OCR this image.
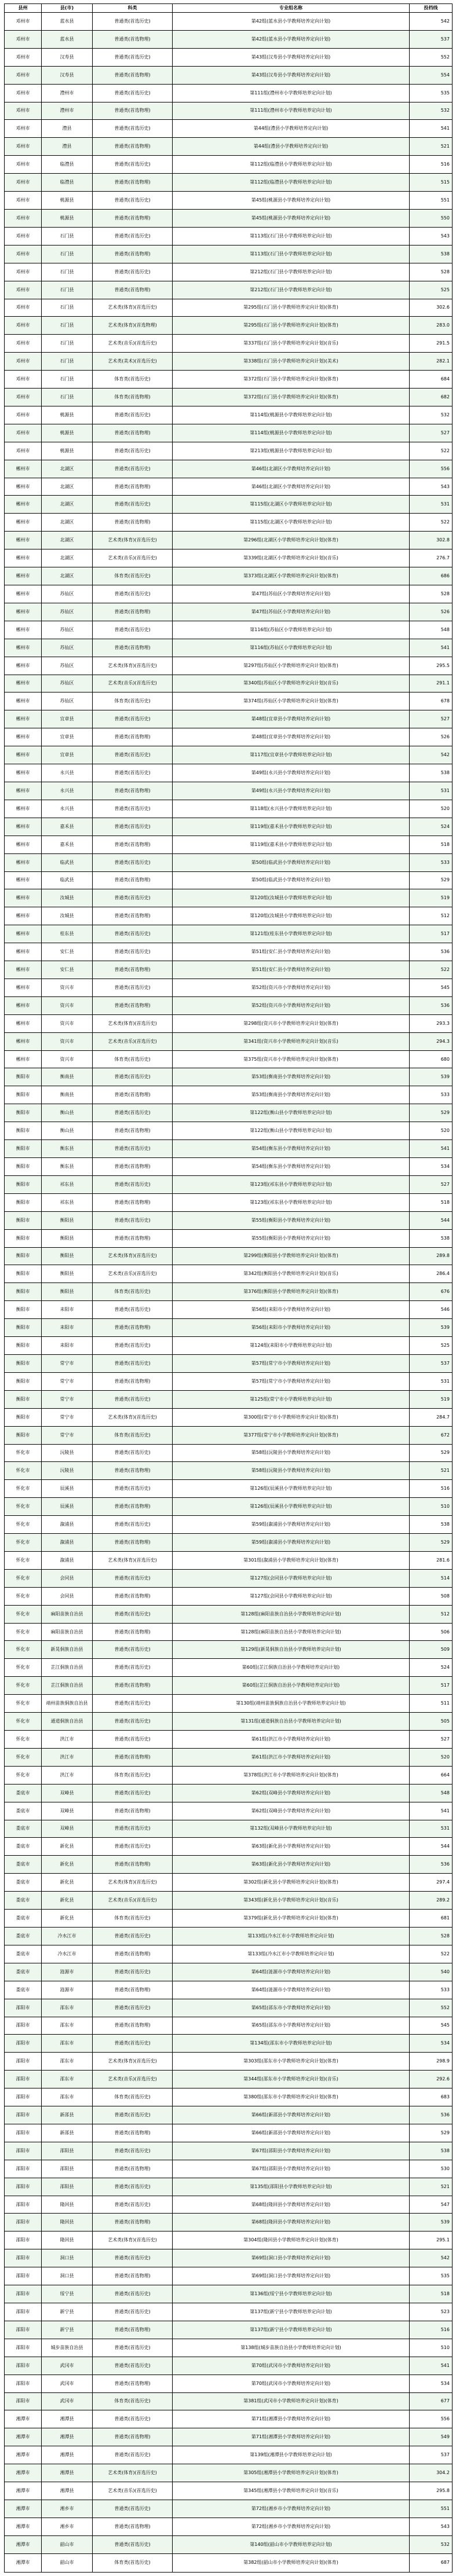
县州	县(市)	科类	专业组名称	投档线
邓州市	蓝水县	普通类(首选历史)	第42组(蓝水县小学教师培养定向计划)	542
邓州市	蓝水县	普通类(首选物理)	第42组(蓝水县小学教师培养定向计划)	537
邓州市	汉寿县	普通类(首选历史)	第43组(汉寿县小学教师培养定向计划)	552
邓州市	汉寿县	普通类(首选物理)	第43组(汉寿县小学教师培养定向计划)	554
邓州市	澧州市	普通类(首选历史)	第111组(澧州市小学教师培养定向计划)	535
邓州市	澧州市	普通类(首选物理)	第111组(澧州市小学教师培养定向计划)	532
邓州市	澧县	普通类(首选历史)	第44组(澧县小学教师培养定向计划)	541
邓州市	澧县	普通类(首选物理)	第44组(澧县小学教师培养定向计划)	521
邓州市	临澧县	普通类(首选历史)	第112组(临澧县小学教师培养定向计划)	516
邓州市	临澧县	普通类(首选物理)	第112组(临澧县小学教师培养定向计划)	515
邓州市	桃源县	普通类(首选历史)	第45组(桃源县小学教师培养定向计划)	551
邓州市	桃源县	普通类(首选物理)	第45组(桃源县小学教师培养定向计划)	550
邓州市	石门县	普通类(首选历史)	第113组(石门县小学教师培养定向计划)	543
邓州市	石门县	普通类(首选物理)	第113组(石门县小学教师培养定向计划)	538
邓州市	石门县	普通类(首选历史)	第212组(石门县小学教师培养定向计划)	528
邓州市	石门县	普通类(首选物理)	第212组(石门县小学教师培养定向计划)	525
邓州市	石门县	艺术类(体育)(首选历史)	第295组(石门县小学教师培养定向计划)(体育)	302.6
邓州市	石门县	艺术类(体育)(首选物理)	第295组(石门县小学教师培养定向计划)(体育)	283.0
邓州市	石门县	艺术类(音乐)(首选历史)	第337组(石门县小学教师培养定向计划)(音乐)	291.5
邓州市	石门县	艺术类(美术)(首选历史)	第338组(石门县小学教师培养定向计划)(美术)	282.1
邓州市	石门县	体育类(首选历史)	第372组(石门县小学教师培养定向计划)(体育)	684
邓州市	石门县	体育类(首选物理)	第372组(石门县小学教师培养定向计划)(体育)	682
邓州市	桃源县	普通类(首选历史)	第114组(桃源县小学教师培养定向计划)	532
邓州市	桃源县	普通类(首选物理)	第114组(桃源县小学教师培养定向计划)	527
邓州市	桃源县	普通类(首选历史)	第213组(桃源县小学教师培养定向计划)	522
郴州市	北湖区	普通类(首选历史)	第46组(北湖区小学教师培养定向计划)	556
郴州市	北湖区	普通类(首选物理)	第46组(北湖区小学教师培养定向计划)	543
郴州市	北湖区	普通类(首选历史)	第115组(北湖区小学教师培养定向计划)	531
郴州市	北湖区	普通类(首选物理)	第115组(北湖区小学教师培养定向计划)	522
郴州市	北湖区	艺术类(体育)(首选历史)	第296组(北湖区小学教师培养定向计划)(体育)	302.8
郴州市	北湖区	艺术类(音乐)(首选历史)	第339组(北湖区小学教师培养定向计划)(音乐)	276.7
郴州市	北湖区	体育类(首选历史)	第373组(北湖区小学教师培养定向计划)(体育)	686
郴州市	苏仙区	普通类(首选历史)	第47组(苏仙区小学教师培养定向计划)	528
郴州市	苏仙区	普通类(首选物理)	第47组(苏仙区小学教师培养定向计划)	526
郴州市	苏仙区	普通类(首选历史)	第116组(苏仙区小学教师培养定向计划)	548
郴州市	苏仙区	普通类(首选物理)	第116组(苏仙区小学教师培养定向计划)	541
郴州市	苏仙区	艺术类(体育)(首选历史)	第297组(苏仙区小学教师培养定向计划)(体育)	295.5
郴州市	苏仙区	艺术类(音乐)(首选历史)	第340组(苏仙区小学教师培养定向计划)(音乐)	291.1
郴州市	苏仙区	体育类(首选历史)	第374组(苏仙区小学教师培养定向计划)(体育)	678
郴州市	宜章县	普通类(首选历史)	第48组(宜章县小学教师培养定向计划)	527
郴州市	宜章县	普通类(首选物理)	第48组(宜章县小学教师培养定向计划)	526
郴州市	宜章县	普通类(首选历史)	第117组(宜章县小学教师培养定向计划)	542
郴州市	永兴县	普通类(首选历史)	第49组(永兴县小学教师培养定向计划)	538
郴州市	永兴县	普通类(首选物理)	第49组(永兴县小学教师培养定向计划)	531
郴州市	永兴县	普通类(首选历史)	第118组(永兴县小学教师培养定向计划)	520
郴州市	嘉禾县	普通类(首选历史)	第119组(嘉禾县小学教师培养定向计划)	524
郴州市	嘉禾县	普通类(首选物理)	第119组(嘉禾县小学教师培养定向计划)	518
郴州市	临武县	普通类(首选历史)	第50组(临武县小学教师培养定向计划)	533
郴州市	临武县	普通类(首选物理)	第50组(临武县小学教师培养定向计划)	529
郴州市	汝城县	普通类(首选历史)	第120组(汝城县小学教师培养定向计划)	519
郴州市	汝城县	普通类(首选物理)	第120组(汝城县小学教师培养定向计划)	512
郴州市	桂东县	普通类(首选历史)	第121组(桂东县小学教师培养定向计划)	517
郴州市	安仁县	普通类(首选历史)	第51组(安仁县小学教师培养定向计划)	536
郴州市	安仁县	普通类(首选物理)	第51组(安仁县小学教师培养定向计划)	522
郴州市	资兴市	普通类(首选历史)	第52组(资兴市小学教师培养定向计划)	545
郴州市	资兴市	普通类(首选物理)	第52组(资兴市小学教师培养定向计划)	536
郴州市	资兴市	艺术类(体育)(首选历史)	第298组(资兴市小学教师培养定向计划)(体育)	293.3
郴州市	资兴市	艺术类(音乐)(首选历史)	第341组(资兴市小学教师培养定向计划)(音乐)	294.3
郴州市	资兴市	体育类(首选历史)	第375组(资兴市小学教师培养定向计划)(体育)	680
衡阳市	衡南县	普通类(首选历史)	第53组(衡南县小学教师培养定向计划)	539
衡阳市	衡南县	普通类(首选物理)	第53组(衡南县小学教师培养定向计划)	533
衡阳市	衡山县	普通类(首选历史)	第122组(衡山县小学教师培养定向计划)	529
衡阳市	衡山县	普通类(首选物理)	第122组(衡山县小学教师培养定向计划)	520
衡阳市	衡东县	普通类(首选历史)	第54组(衡东县小学教师培养定向计划)	541
衡阳市	衡东县	普通类(首选物理)	第54组(衡东县小学教师培养定向计划)	534
衡阳市	祁东县	普通类(首选历史)	第123组(祁东县小学教师培养定向计划)	527
衡阳市	祁东县	普通类(首选物理)	第123组(祁东县小学教师培养定向计划)	518
衡阳市	衡阳县	普通类(首选历史)	第55组(衡阳县小学教师培养定向计划)	544
衡阳市	衡阳县	普通类(首选物理)	第55组(衡阳县小学教师培养定向计划)	538
衡阳市	衡阳县	艺术类(体育)(首选历史)	第299组(衡阳县小学教师培养定向计划)(体育)	289.8
衡阳市	衡阳县	艺术类(音乐)(首选历史)	第342组(衡阳县小学教师培养定向计划)(音乐)	286.4
衡阳市	衡阳县	体育类(首选历史)	第376组(衡阳县小学教师培养定向计划)(体育)	676
衡阳市	耒阳市	普通类(首选历史)	第56组(耒阳市小学教师培养定向计划)	546
衡阳市	耒阳市	普通类(首选物理)	第56组(耒阳市小学教师培养定向计划)	539
衡阳市	耒阳市	普通类(首选历史)	第124组(耒阳市小学教师培养定向计划)	525
衡阳市	常宁市	普通类(首选历史)	第57组(常宁市小学教师培养定向计划)	537
衡阳市	常宁市	普通类(首选物理)	第57组(常宁市小学教师培养定向计划)	531
衡阳市	常宁市	普通类(首选历史)	第125组(常宁市小学教师培养定向计划)	519
衡阳市	常宁市	艺术类(体育)(首选历史)	第300组(常宁市小学教师培养定向计划)(体育)	284.7
衡阳市	常宁市	体育类(首选历史)	第377组(常宁市小学教师培养定向计划)(体育)	672
怀化市	沅陵县	普通类(首选历史)	第58组(沅陵县小学教师培养定向计划)	529
怀化市	沅陵县	普通类(首选物理)	第58组(沅陵县小学教师培养定向计划)	521
怀化市	辰溪县	普通类(首选历史)	第126组(辰溪县小学教师培养定向计划)	516
怀化市	辰溪县	普通类(首选物理)	第126组(辰溪县小学教师培养定向计划)	510
怀化市	溆浦县	普通类(首选历史)	第59组(溆浦县小学教师培养定向计划)	538
怀化市	溆浦县	普通类(首选物理)	第59组(溆浦县小学教师培养定向计划)	529
怀化市	溆浦县	艺术类(体育)(首选历史)	第301组(溆浦县小学教师培养定向计划)(体育)	281.6
怀化市	会同县	普通类(首选历史)	第127组(会同县小学教师培养定向计划)	514
怀化市	会同县	普通类(首选物理)	第127组(会同县小学教师培养定向计划)	508
怀化市	麻阳苗族自治县	普通类(首选历史)	第128组(麻阳苗族自治县小学教师培养定向计划)	512
怀化市	麻阳苗族自治县	普通类(首选物理)	第128组(麻阳苗族自治县小学教师培养定向计划)	506
怀化市	新晃侗族自治县	普通类(首选历史)	第129组(新晃侗族自治县小学教师培养定向计划)	509
怀化市	芷江侗族自治县	普通类(首选历史)	第60组(芷江侗族自治县小学教师培养定向计划)	524
怀化市	芷江侗族自治县	普通类(首选物理)	第60组(芷江侗族自治县小学教师培养定向计划)	517
怀化市	靖州苗族侗族自治县	普通类(首选历史)	第130组(靖州苗族侗族自治县小学教师培养定向计划)	511
怀化市	通道侗族自治县	普通类(首选历史)	第131组(通道侗族自治县小学教师培养定向计划)	505
怀化市	洪江市	普通类(首选历史)	第61组(洪江市小学教师培养定向计划)	527
怀化市	洪江市	普通类(首选物理)	第61组(洪江市小学教师培养定向计划)	520
怀化市	洪江市	体育类(首选历史)	第378组(洪江市小学教师培养定向计划)(体育)	664
娄底市	双峰县	普通类(首选历史)	第62组(双峰县小学教师培养定向计划)	548
娄底市	双峰县	普通类(首选物理)	第62组(双峰县小学教师培养定向计划)	541
娄底市	双峰县	普通类(首选历史)	第132组(双峰县小学教师培养定向计划)	531
娄底市	新化县	普通类(首选历史)	第63组(新化县小学教师培养定向计划)	544
娄底市	新化县	普通类(首选物理)	第63组(新化县小学教师培养定向计划)	536
娄底市	新化县	艺术类(体育)(首选历史)	第302组(新化县小学教师培养定向计划)(体育)	297.4
娄底市	新化县	艺术类(音乐)(首选历史)	第343组(新化县小学教师培养定向计划)(音乐)	289.2
娄底市	新化县	体育类(首选历史)	第379组(新化县小学教师培养定向计划)(体育)	681
娄底市	冷水江市	普通类(首选历史)	第133组(冷水江市小学教师培养定向计划)	528
娄底市	冷水江市	普通类(首选物理)	第133组(冷水江市小学教师培养定向计划)	522
娄底市	涟源市	普通类(首选历史)	第64组(涟源市小学教师培养定向计划)	540
娄底市	涟源市	普通类(首选物理)	第64组(涟源市小学教师培养定向计划)	533
邵阳市	邵东市	普通类(首选历史)	第65组(邵东市小学教师培养定向计划)	552
邵阳市	邵东市	普通类(首选物理)	第65组(邵东市小学教师培养定向计划)	545
邵阳市	邵东市	普通类(首选历史)	第134组(邵东市小学教师培养定向计划)	534
邵阳市	邵东市	艺术类(体育)(首选历史)	第303组(邵东市小学教师培养定向计划)(体育)	298.9
邵阳市	邵东市	艺术类(音乐)(首选历史)	第344组(邵东市小学教师培养定向计划)(音乐)	292.6
邵阳市	邵东市	体育类(首选历史)	第380组(邵东市小学教师培养定向计划)(体育)	683
邵阳市	新邵县	普通类(首选历史)	第66组(新邵县小学教师培养定向计划)	536
邵阳市	新邵县	普通类(首选物理)	第66组(新邵县小学教师培养定向计划)	529
邵阳市	邵阳县	普通类(首选历史)	第67组(邵阳县小学教师培养定向计划)	538
邵阳市	邵阳县	普通类(首选物理)	第67组(邵阳县小学教师培养定向计划)	530
邵阳市	邵阳县	普通类(首选历史)	第135组(邵阳县小学教师培养定向计划)	521
邵阳市	隆回县	普通类(首选历史)	第68组(隆回县小学教师培养定向计划)	547
邵阳市	隆回县	普通类(首选物理)	第68组(隆回县小学教师培养定向计划)	539
邵阳市	隆回县	艺术类(体育)(首选历史)	第304组(隆回县小学教师培养定向计划)(体育)	295.1
邵阳市	洞口县	普通类(首选历史)	第69组(洞口县小学教师培养定向计划)	542
邵阳市	洞口县	普通类(首选物理)	第69组(洞口县小学教师培养定向计划)	535
邵阳市	绥宁县	普通类(首选历史)	第136组(绥宁县小学教师培养定向计划)	518
邵阳市	新宁县	普通类(首选历史)	第137组(新宁县小学教师培养定向计划)	523
邵阳市	新宁县	普通类(首选物理)	第137组(新宁县小学教师培养定向计划)	516
邵阳市	城步苗族自治县	普通类(首选历史)	第138组(城步苗族自治县小学教师培养定向计划)	510
邵阳市	武冈市	普通类(首选历史)	第70组(武冈市小学教师培养定向计划)	541
邵阳市	武冈市	普通类(首选物理)	第70组(武冈市小学教师培养定向计划)	534
邵阳市	武冈市	体育类(首选历史)	第381组(武冈市小学教师培养定向计划)(体育)	677
湘潭市	湘潭县	普通类(首选历史)	第71组(湘潭县小学教师培养定向计划)	556
湘潭市	湘潭县	普通类(首选物理)	第71组(湘潭县小学教师培养定向计划)	549
湘潭市	湘潭县	普通类(首选历史)	第139组(湘潭县小学教师培养定向计划)	537
湘潭市	湘潭县	艺术类(体育)(首选历史)	第305组(湘潭县小学教师培养定向计划)(体育)	304.2
湘潭市	湘潭县	艺术类(音乐)(首选历史)	第345组(湘潭县小学教师培养定向计划)(音乐)	295.8
湘潭市	湘乡市	普通类(首选历史)	第72组(湘乡市小学教师培养定向计划)	551
湘潭市	湘乡市	普通类(首选物理)	第72组(湘乡市小学教师培养定向计划)	543
湘潭市	韶山市	普通类(首选历史)	第140组(韶山市小学教师培养定向计划)	532
湘潭市	韶山市	体育类(首选历史)	第382组(韶山市小学教师培养定向计划)(体育)	687
